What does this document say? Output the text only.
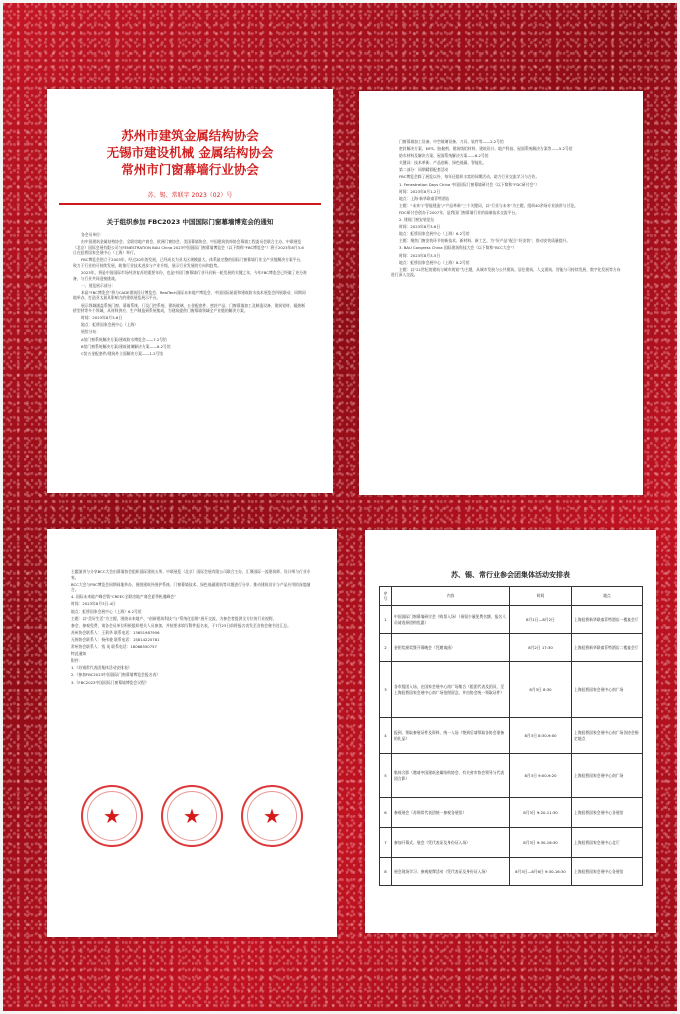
苏州市建筑金属结构协会
无锡市建设机械 金属结构协会
常州市门窗幕墙行业协会
苏、锡、常联字 2023（02）号
关于组织参加 FBC2023 中国国际门窗幕墙博览会的通知

各会员单位：

由中国建筑金属结构协会、全联房地产商会、欧洲门窗协会、美国幕墙协会、中国建筑装饰协会幕墙工程委员会联合主办，中联展览（北京）国际会展有限公司与FENESTRATION BAU China 2023中国国际门窗幕墙博览会（以下简称“FBC博览会”）将于2023年8月3-6日在虹桥国家会展中心（上海）举行。

FBC博览会创立于2003年，经过20年的发展，已经成长为亚太区规模最大、体系最完整的国际门窗幕墙行业全产业链解决方案平台，致力于行业的可持续发展，助推行业技术进步与产业升级，展示行业发展的方向和趋势。

2023年，将是中国国际市场经济复苏的重要年份，也是中国门窗幕墙行业开启新一轮发展的关键之年，今年FBC博览会已经做了充分准备，与行业共同迎接挑战。

一、展览展示部分：

本届“FBC博览会”将与CADE建筑设计博览会、RealTech国际未来地产博览会、中国国际屋面和建筑防水技术展览会四展联动，同期同地举办，打造亚太最具影响力的建筑展览展示平台。

展示领域涵盖系统门窗、幕墙系统、门及门控系统、建筑玻璃、五金配套件、密封产品、门窗幕墙加工及制造设备、建筑铝材、隔热断桥型材等多个领域，从材料供应、生产制造到系统集成，为建筑提供门窗幕墙领域全产业链的解决方案。

时间：2023年8月3-6日

地点：虹桥国家会展中心（上海）

展馆分布：

A馆门窗系统解决方案/建筑防水博览会——7.2号馆

B馆门窗系统解决方案/建筑玻璃解决方案——8.2号馆

C馆五金配套件/建筑外立面解决方案——1.2号馆

门窗幕墙加工设备、中空玻璃设备、刀具、软件等——2.2号馆

密封解决方案、EIFS、胶黏剂、建筑级铝材料、建筑设计、地产科技、屋面系统解决方案等——5.2号馆

防水材料及解决方案、屋面系统解决方案——6.2号馆

关键词：技术革新、产品创新、绿色低碳、智能化。

第二部分：同期精彩配套活动

FBC博览会除了展览以外，每年还组织丰富的同期活动，助力行业交流学习与合作。

1. Fenestration Days China 中国国际门窗幕墙研讨会（以下简称“FDC研讨会”）

时间：2023年8月1-2日

地点：上海·新华联索菲特酒店

主题：“未来”/“智能建造”/“产品革新”三个关键词，以“行业与未来”为主题，组织40余场专业演讲与讨论。

FDC研讨会创办于2007年，是我国门窗幕墙行业的高端技术交流平台。

2. 建筑门窗安装论坛

时间：2023年8月3-6日

地点：虹桥国家会展中心（上海）6.2号馆

主题：聚焦门窗安装环节的新技术、新材料、新工艺，为“好产品”配合“好安装”，推动安装质量提升。

3. BAU Congress China 国际建筑科技大会（以下简称“BCC大会”）

时间：2023年8月3-5日

地点：虹桥国家会展中心（上海）8.2号馆

主题：以“21世纪的建筑与城市规划”为主题，从城市发展与公共建筑、居住建筑、人文建筑、智能与可持续发展、数字化发展等方向进行深入交流。

主題演讲与分享BCC大会由幕墙协会组织国际建筑五所、中联展览（北京）国际会展有限公司联合主办，汇聚国际一流建筑师、设计师与行业专家。

BCC大会与FBC博览会同期同地举办，围绕建筑外围护系统、门窗幕墙技术、绿色低碳建筑等议题进行分享，推动建筑设计与产品应用的深度融合。

4. 国际未来地产峰会暨“CREEC全联房地产商会夏季机遇峰会”

时间：2023年8月3日-4日

地点：虹桥国家会展中心（上海）6.2号馆

主题：以“美好生活”为主题，围绕未来地产、“创新建筑科技”与“系统化思维”展开交流，为参会者提供全方位的行业视野。

参会、参观免费，请各会员单位积极组织相关人员参加，并按要求填写附件报名表，于7月23日前将报名表发至各协会秘书处汇总。

苏州协会联系人：王莉华 联系电话：13651987956

无锡协会联系人：杨伟骏 联系电话：15814220781

常州协会联系人：钱 英 联系电话：18068550757

特此通知

附件：

1.《苏锡常代表团集体活动安排表》

2.《参加FBC2023中国国际门窗幕墙博览会报名表》

3.《FBC2023中国国际门窗幕墙博览会议程》

★	★	★
苏、锡、常行业参会团集体活动安排表
序号	内容	时间	地点
1	中国国际门窗幕墙研讨会（购票入场）（预留少量免费名额，报名人员请选择团购优惠）	8月1日—8月2日	上海虹桥新华联索菲特酒店一楼宴会厅
2	金钥奖颁奖暨开幕晚会（凭邀请函）	8月2日 17:30	上海虹桥新华联索菲特酒店二楼宴会厅
3	各市组团入场，在国家会展中心南广场集合（组团代表及团员，至上海虹桥国家会展中心南广场拍照留念，并由协会统一领取证件）	8月3日 8:30	上海虹桥国家会展中心南广场
4	报到、领取参展证件及资料，统一入场（签到后请领取各协会准备的礼品）	8月3日 8:30-9:00	上海虹桥国家会展中心南广场各协会指定地点
5	集体合影（邀请中国建筑金属结构协会、有关省市协会领导与代表团合影）	8月3日 9:00-9:20	上海虹桥国家会展中心南广场
6	参观展会（苏锡常代表团统一参观各展馆）	8月3日 9:20-11:30	上海虹桥国家会展中心各展馆
7	参加开幕式、展会（凭代表证及身份证入场）	8月3日 9:30-16:30	上海虹桥国家会展中心北厅
8	展会现场学习、参观观摩活动（凭代表证及身份证入场）	8月3日—8月6日 9:30-16:30	上海虹桥国家会展中心各展馆
